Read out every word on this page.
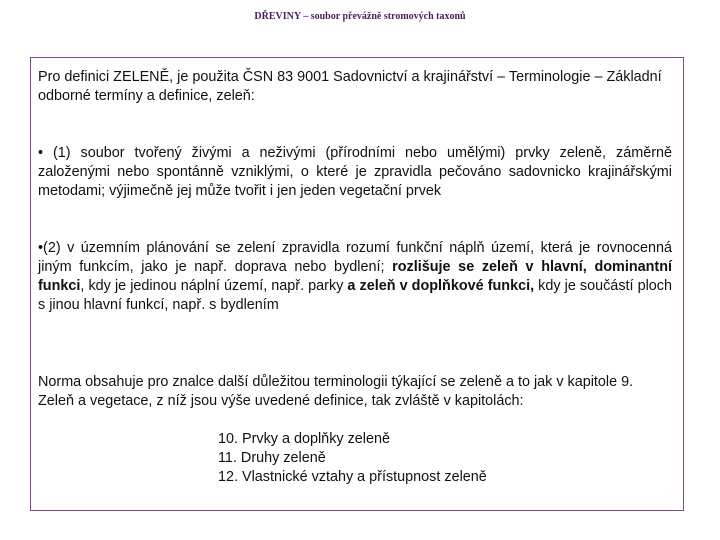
DŘEVINY – soubor převážně stromových taxonů
Pro definici ZELENĚ, je použita ČSN 83 9001 Sadovnictví a krajinářství – Terminologie – Základní odborné termíny a definice, zeleň:
• (1) soubor tvořený živými a neživými (přírodními nebo umělými) prvky zeleně, záměrně založenými nebo spontánně vzniklými, o které je zpravidla pečováno sadovnicko krajinářskými metodami; výjimečně jej může tvořit i jen jeden vegetační prvek
•(2) v územním plánování se zelení zpravidla rozumí funkční náplň území, která je rovnocenná jiným funkcím, jako je např. doprava nebo bydlení; rozlišuje se zeleň v hlavní, dominantní funkci, kdy je jedinou náplní území, např. parky a zeleň v doplňkové funkci, kdy je součástí ploch s jinou hlavní funkcí, např. s bydlením
Norma obsahuje pro znalce další důležitou terminologii týkající se zeleně a to jak v kapitole 9. Zeleň a vegetace, z níž jsou výše uvedené definice, tak zvláště v kapitolách:
10. Prvky a doplňky zeleně
11. Druhy zeleně
12. Vlastnické vztahy a přístupnost zeleně
